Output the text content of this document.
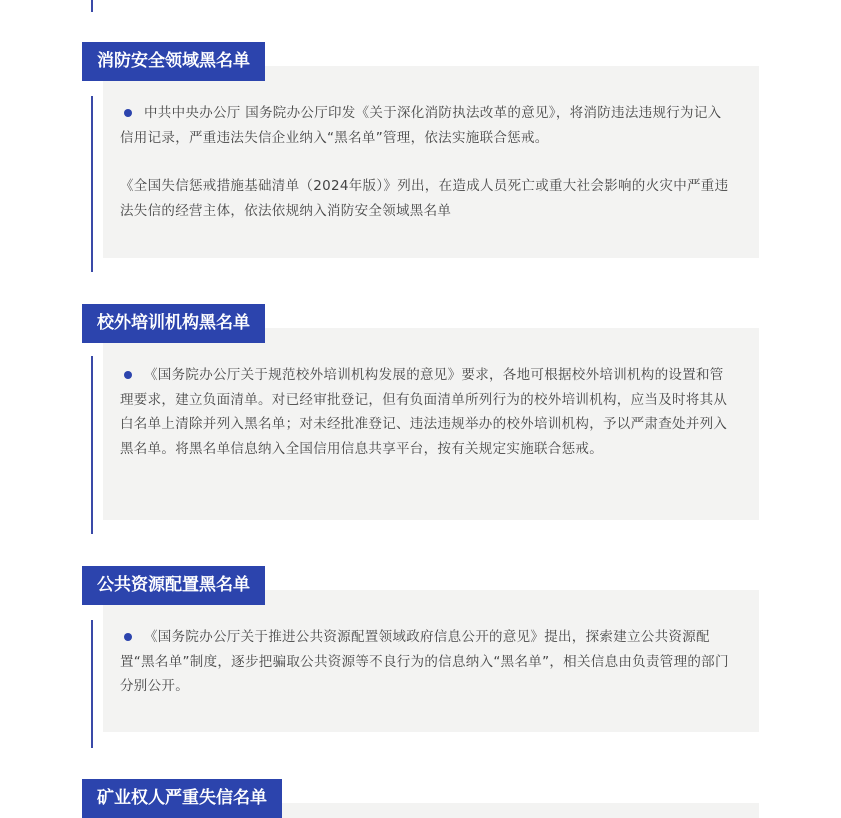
消防安全领域黑名单

中共中央办公厅 国务院办公厅印发《关于深化消防执法改革的意见》，将消防违法违规行为记入信用记录，严重违法失信企业纳入“黑名单”管理，依法实施联合惩戒。

《全国失信惩戒措施基础清单（2024年版）》列出，在造成人员死亡或重大社会影响的火灾中严重违法失信的经营主体，依法依规纳入消防安全领域黑名单

校外培训机构黑名单

《国务院办公厅关于规范校外培训机构发展的意见》要求，各地可根据校外培训机构的设置和管理要求，建立负面清单。对已经审批登记，但有负面清单所列行为的校外培训机构，应当及时将其从白名单上清除并列入黑名单；对未经批准登记、违法违规举办的校外培训机构，予以严肃查处并列入黑名单。将黑名单信息纳入全国信用信息共享平台，按有关规定实施联合惩戒。

公共资源配置黑名单

《国务院办公厅关于推进公共资源配置领域政府信息公开的意见》提出，探索建立公共资源配置“黑名单”制度，逐步把骗取公共资源等不良行为的信息纳入“黑名单”，相关信息由负责管理的部门分别公开。

矿业权人严重失信名单
